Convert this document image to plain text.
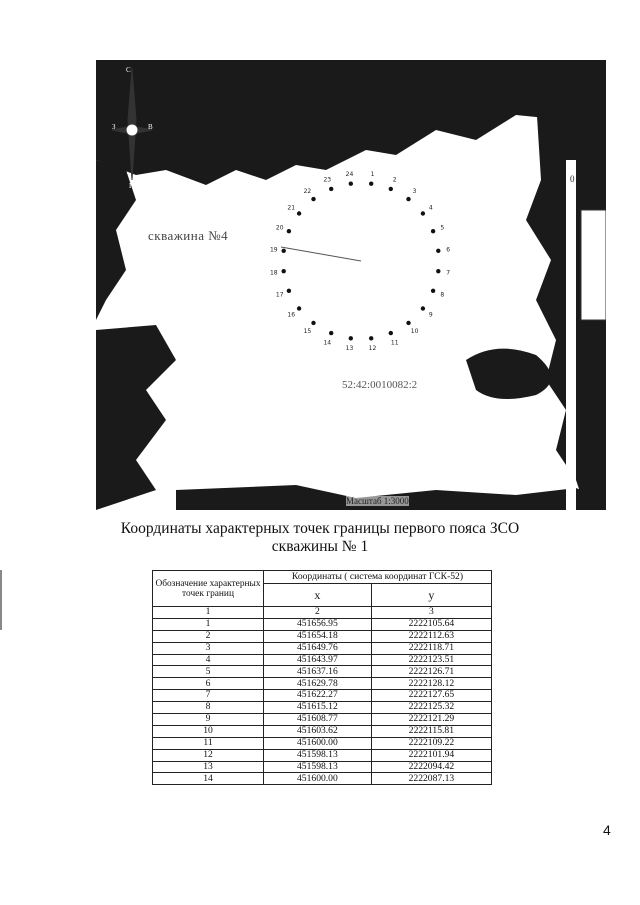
1
2
3
4
5
6
7
8
9
10
11
12
13
14
15
16
17
18
19
20
21
22
23
24
С
З	В
Ю
скважина №4
52:42:0010082:2
Масштаб 1:3000
0
Координаты характерных точек границы первого пояса ЗСО
скважины № 1
Обозначение характерных точек границ	Координаты ( система координат ГСК-52)	
	x	y
1	2	3
1	451656.95	2222105.64
2	451654.18	2222112.63
3	451649.76	2222118.71
4	451643.97	2222123.51
5	451637.16	2222126.71
6	451629.78	2222128.12
7	451622.27	2222127.65
8	451615.12	2222125.32
9	451608.77	2222121.29
10	451603.62	2222115.81
11	451600.00	2222109.22
12	451598.13	2222101.94
13	451598.13	2222094.42
14	451600.00	2222087.13
4
